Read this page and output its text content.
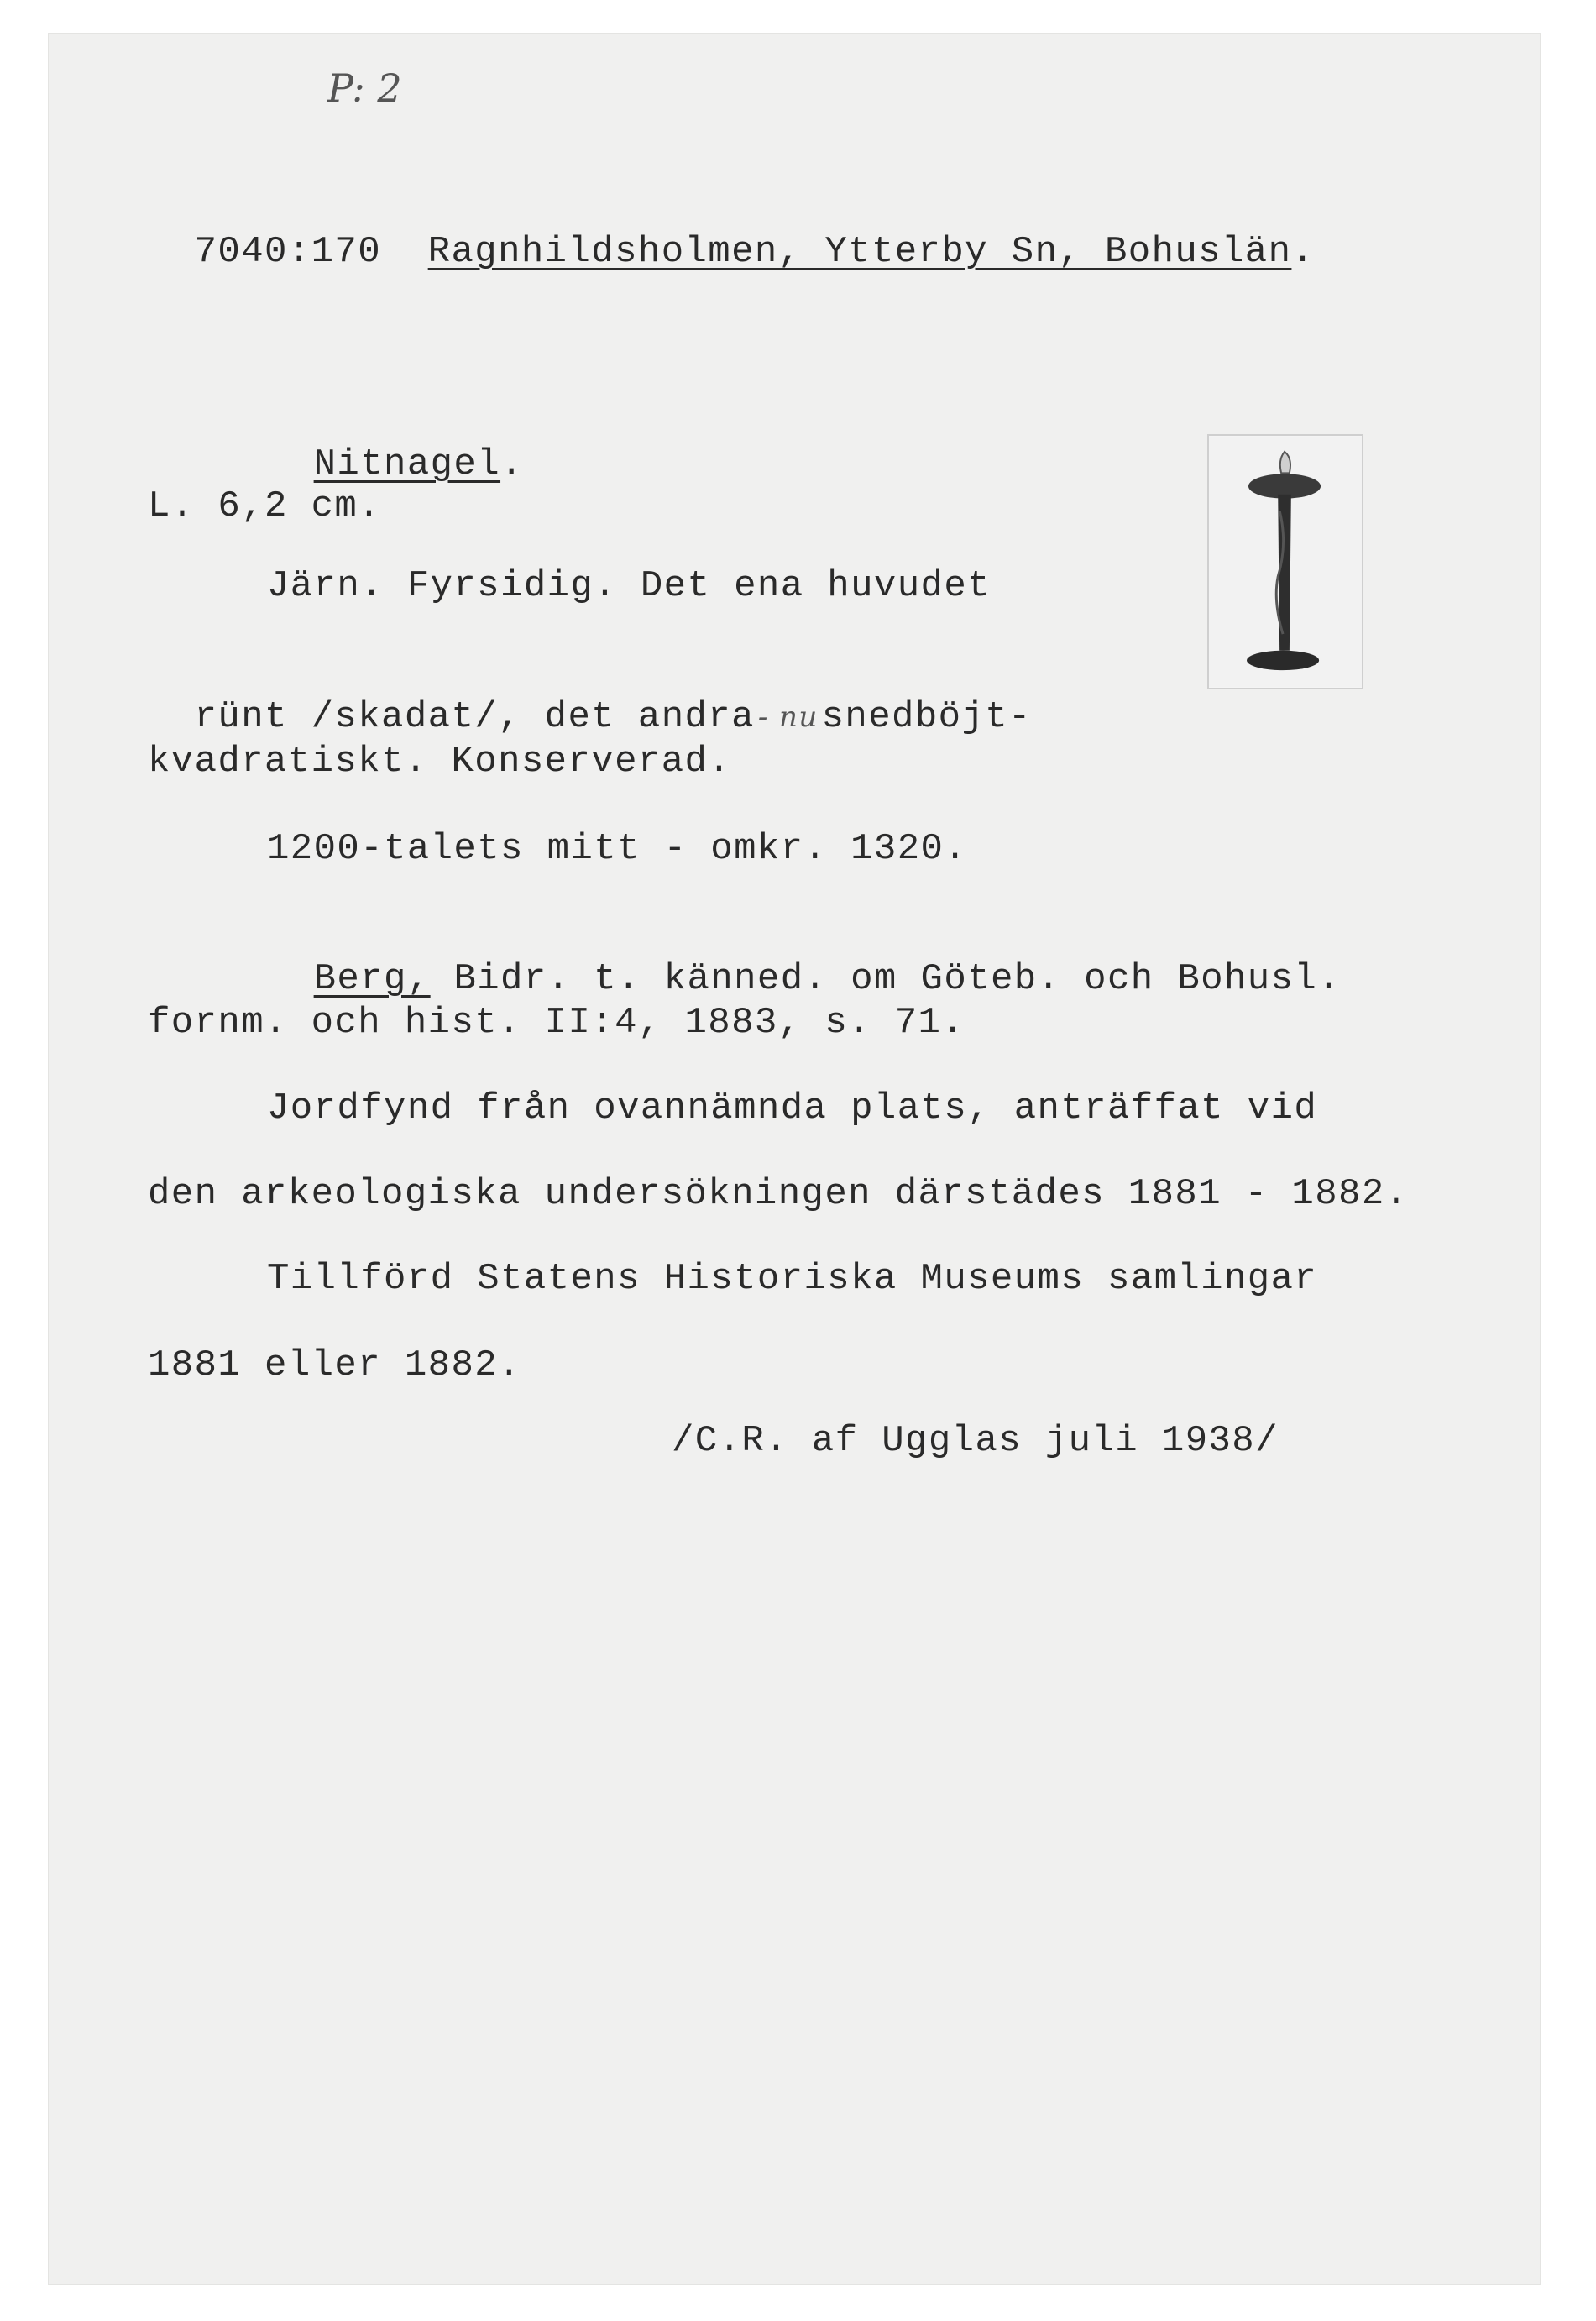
P: 2

7040:170 Ragnhildsholmen, Ytterby Sn, Bohuslän.

Nitnagel.

L. 6,2 cm.
Järn. Fyrsidig. Det ena huvudet

rünt /skadat/, det andra - nusnedböjt-

kvadratiskt. Konserverad.
1200-talets mitt - omkr. 1320.

Berg, Bidr. t. känned. om Göteb. och Bohusl.

fornm. och hist. II:4, 1883, s. 71.
Jordfynd från ovannämnda plats, anträffat vid
den arkeologiska undersökningen därstädes 1881 - 1882.
Tillförd Statens Historiska Museums samlingar
1881 eller 1882.
/C.R. af Ugglas juli 1938/
